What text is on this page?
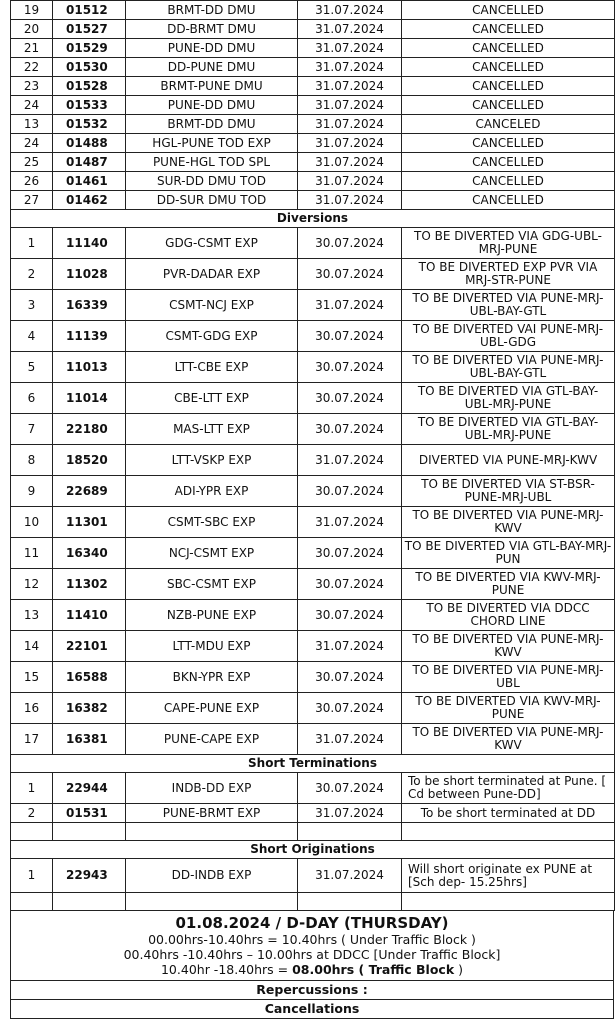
19	01512	BRMT-DD DMU	31.07.2024	CANCELLED
20	01527	DD-BRMT DMU	31.07.2024	CANCELLED
21	01529	PUNE-DD DMU	31.07.2024	CANCELLED
22	01530	DD-PUNE DMU	31.07.2024	CANCELLED
23	01528	BRMT-PUNE DMU	31.07.2024	CANCELLED
24	01533	PUNE-DD DMU	31.07.2024	CANCELLED
13	01532	BRMT-DD DMU	31.07.2024	CANCELED
24	01488	HGL-PUNE TOD EXP	31.07.2024	CANCELLED
25	01487	PUNE-HGL TOD SPL	31.07.2024	CANCELLED
26	01461	SUR-DD DMU TOD	31.07.2024	CANCELLED
27	01462	DD-SUR DMU TOD	31.07.2024	CANCELLED
Diversions				
1	11140	GDG-CSMT EXP	30.07.2024	TO BE DIVERTED VIA GDG-UBL-MRJ-PUNE
2	11028	PVR-DADAR EXP	30.07.2024	TO BE DIVERTED EXP PVR VIA MRJ-STR-PUNE
3	16339	CSMT-NCJ EXP	31.07.2024	TO BE DIVERTED VIA PUNE-MRJ-UBL-BAY-GTL
4	11139	CSMT-GDG EXP	30.07.2024	TO BE DIVERTED VAI PUNE-MRJ-UBL-GDG
5	11013	LTT-CBE EXP	30.07.2024	TO BE DIVERTED VIA PUNE-MRJ-UBL-BAY-GTL
6	11014	CBE-LTT EXP	30.07.2024	TO BE DIVERTED VIA GTL-BAY-UBL-MRJ-PUNE
7	22180	MAS-LTT EXP	30.07.2024	TO BE DIVERTED VIA GTL-BAY-UBL-MRJ-PUNE
8	18520	LTT-VSKP EXP	31.07.2024	DIVERTED VIA PUNE-MRJ-KWV
9	22689	ADI-YPR EXP	30.07.2024	TO BE DIVERTED VIA ST-BSR-PUNE-MRJ-UBL
10	11301	CSMT-SBC EXP	31.07.2024	TO BE DIVERTED VIA PUNE-MRJ-KWV
11	16340	NCJ-CSMT EXP	30.07.2024	TO BE DIVERTED VIA GTL-BAY-MRJ-PUN
12	11302	SBC-CSMT EXP	30.07.2024	TO BE DIVERTED VIA KWV-MRJ-PUNE
13	11410	NZB-PUNE EXP	30.07.2024	TO BE DIVERTED VIA DDCC CHORD LINE
14	22101	LTT-MDU EXP	31.07.2024	TO BE DIVERTED VIA PUNE-MRJ-KWV
15	16588	BKN-YPR EXP	30.07.2024	TO BE DIVERTED VIA PUNE-MRJ-UBL
16	16382	CAPE-PUNE EXP	30.07.2024	TO BE DIVERTED VIA KWV-MRJ-PUNE
17	16381	PUNE-CAPE EXP	31.07.2024	TO BE DIVERTED VIA PUNE-MRJ-KWV
Short Terminations				
1	22944	INDB-DD EXP	30.07.2024	To be short terminated at Pune. [ Cd between Pune-DD]
2	01531	PUNE-BRMT EXP	31.07.2024	To be short terminated at DD

Short Originations				
1	22943	DD-INDB EXP	31.07.2024	Will short originate ex PUNE at [Sch dep- 15.25hrs]

01.08.2024 / D-DAY (THURSDAY)
00.00hrs-10.40hrs = 10.40hrs ( Under Traffic Block )
00.40hrs -10.40hrs – 10.00hrs at DDCC [Under Traffic Block]
10.40hr -18.40hrs = 08.00hrs ( Traffic Block )
Repercussions :
Cancellations
